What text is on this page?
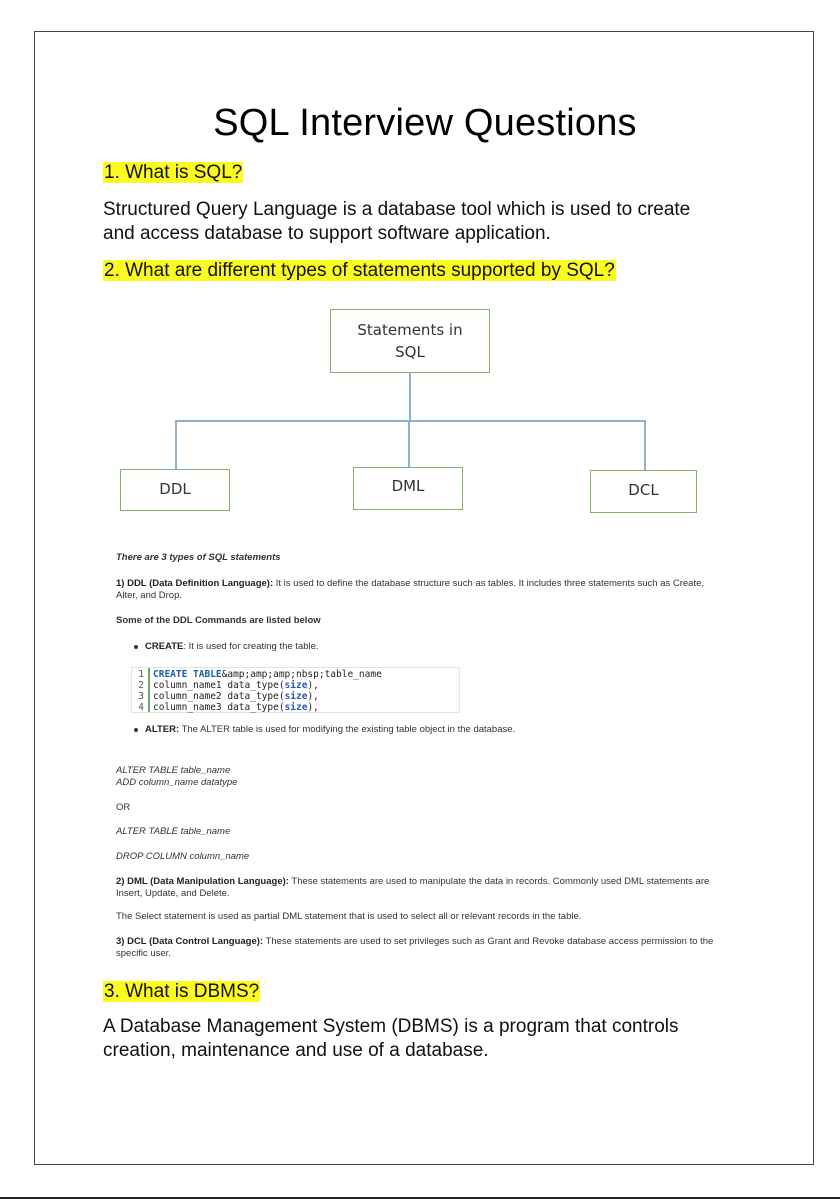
SQL Interview Questions
1. What is SQL?

Structured Query Language is a database tool which is used to create

and access database to support software application.

2. What are different types of statements supported by SQL?
Statements in
SQL
DDL	DML	DCL
There are 3 types of SQL statements
1) DDL (Data Definition Language): It is used to define the database structure such as tables. It includes three statements such as Create,
Alter, and Drop.
Some of the DDL Commands are listed below
CREATE: It is used for creating the table.
1 CREATE TABLE&amp;amp;amp;nbsp;table_name
2 column_name1 data_type(size),
3 column_name2 data_type(size),
4 column_name3 data_type(size),
ALTER: The ALTER table is used for modifying the existing table object in the database.
ALTER TABLE table_name
ADD column_name datatype
OR
ALTER TABLE table_name
DROP COLUMN column_name
2) DML (Data Manipulation Language): These statements are used to manipulate the data in records. Commonly used DML statements are
Insert, Update, and Delete.
The Select statement is used as partial DML statement that is used to select all or relevant records in the table.
3) DCL (Data Control Language): These statements are used to set privileges such as Grant and Revoke database access permission to the
specific user.
3. What is DBMS?

A Database Management System (DBMS) is a program that controls

creation, maintenance and use of a database.
